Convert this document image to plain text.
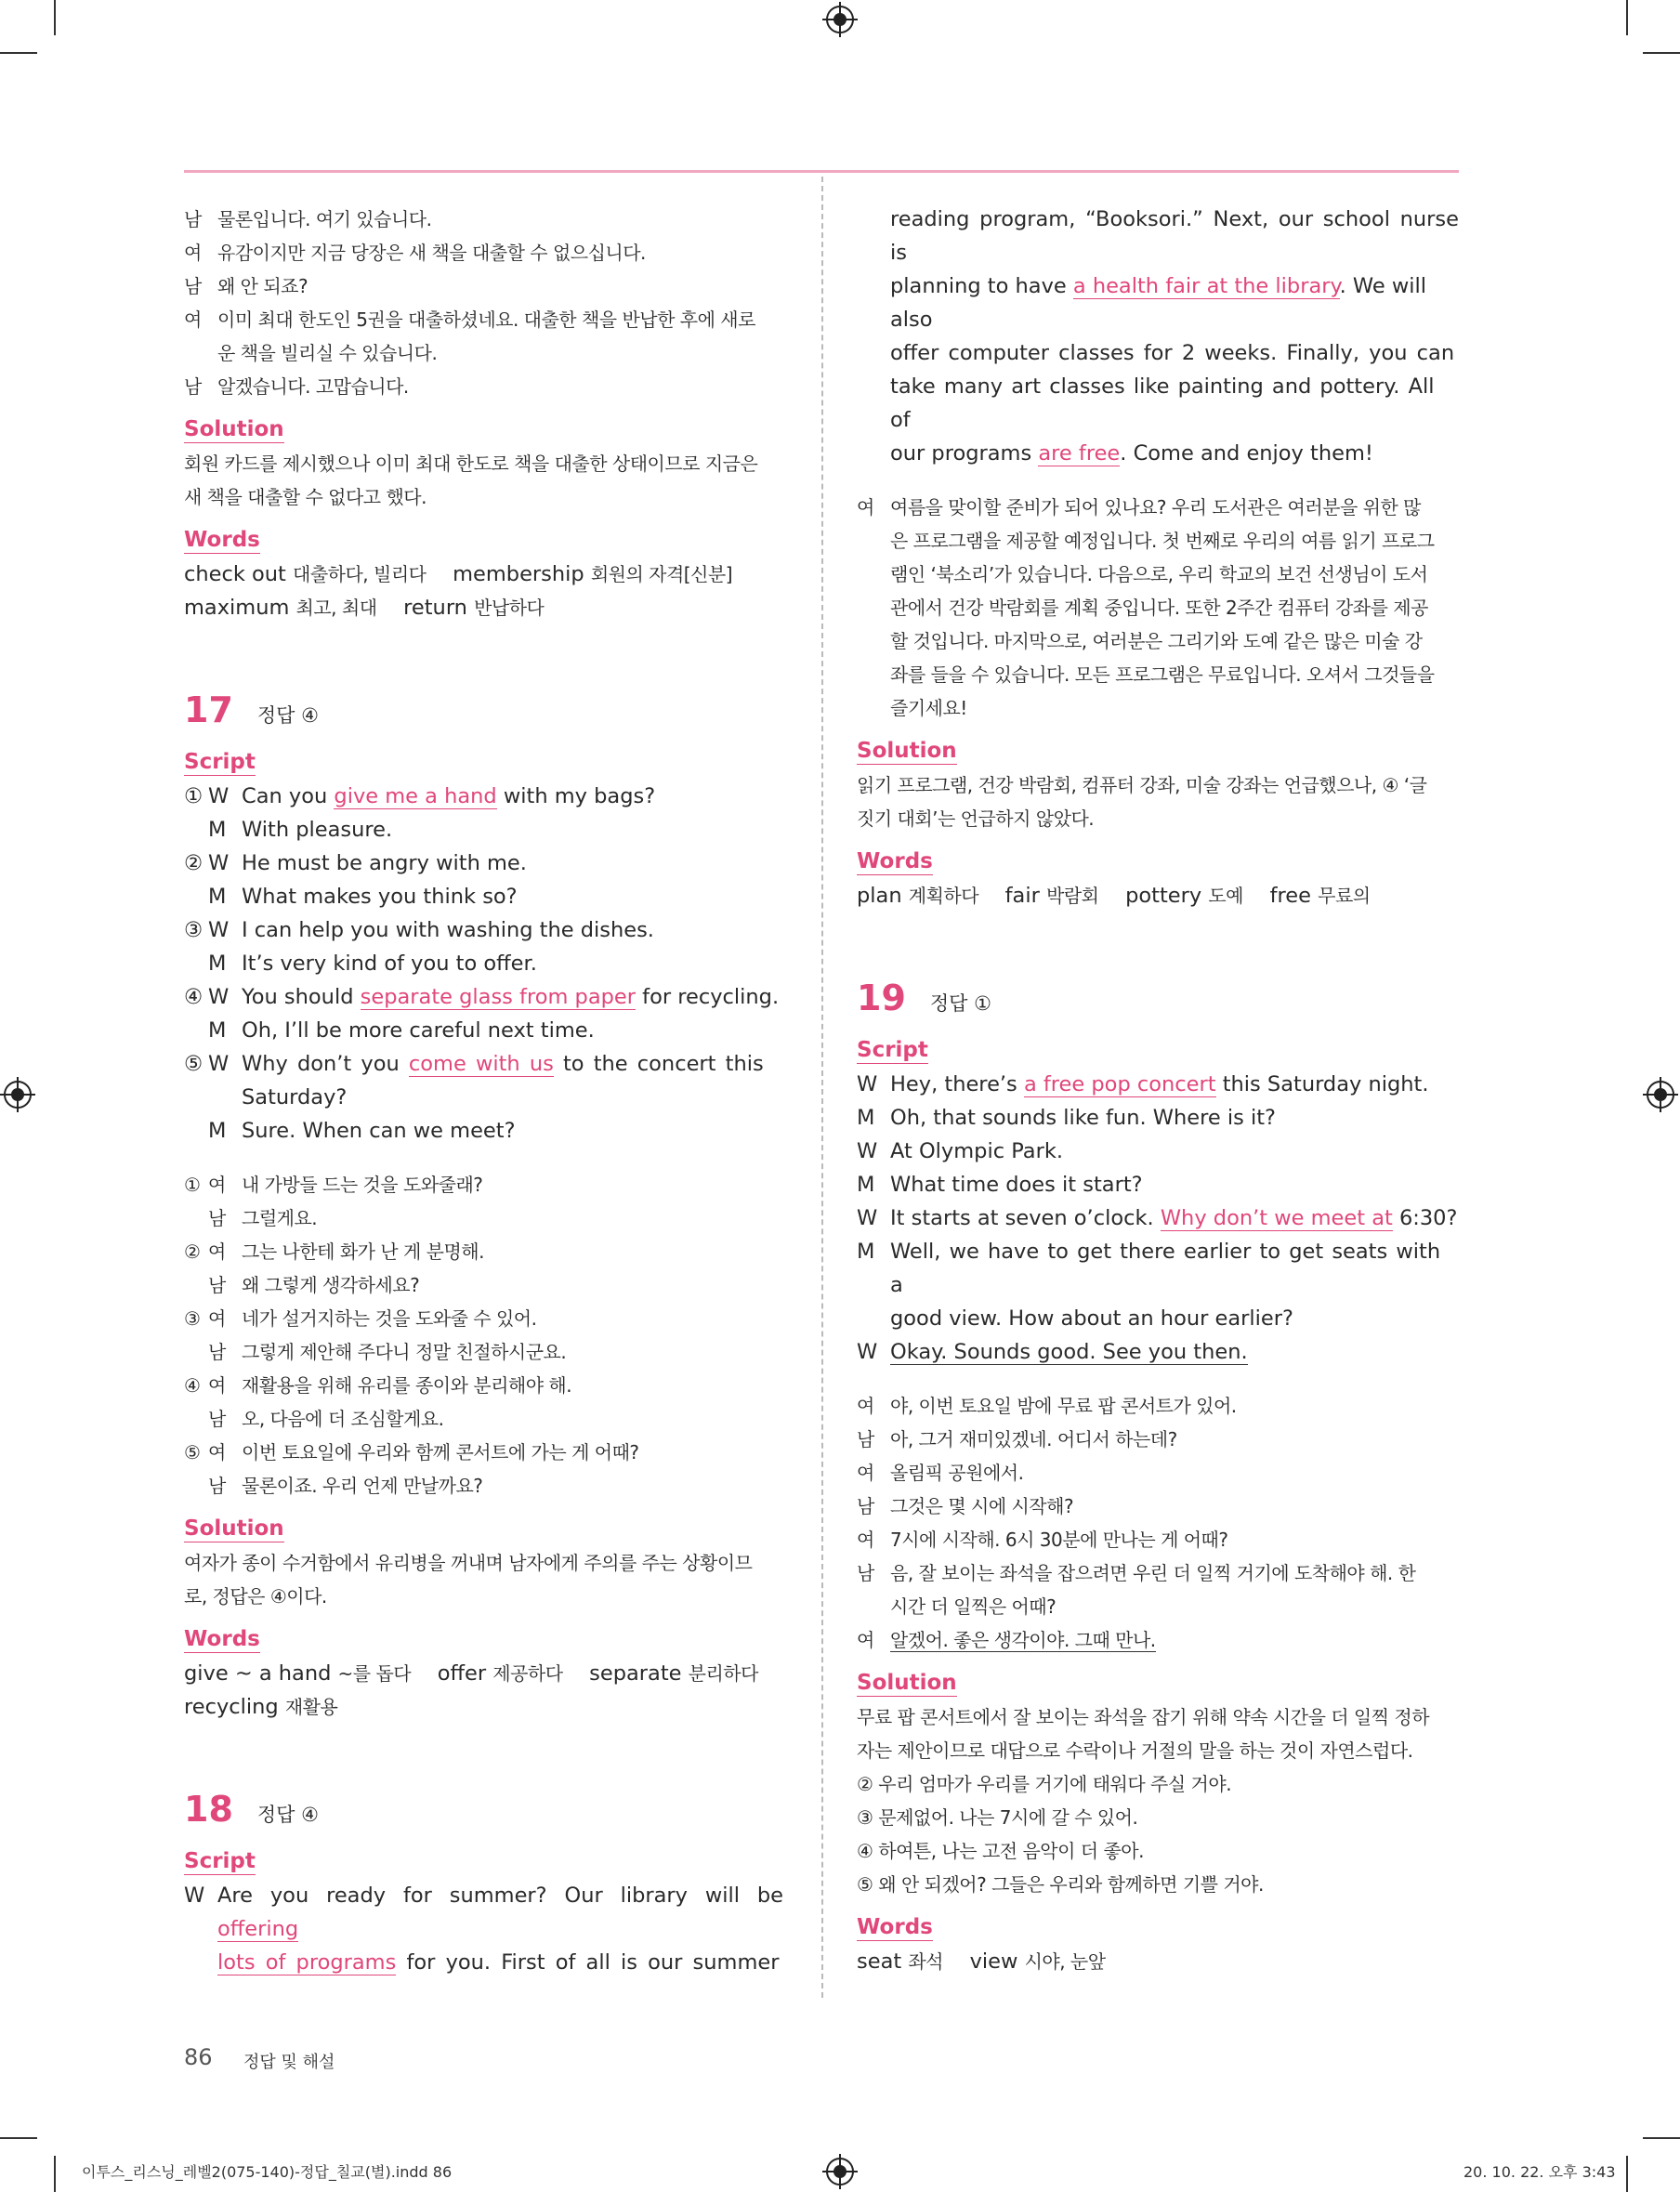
남 물론입니다. 여기 있습니다.
여 유감이지만 지금 당장은 새 책을 대출할 수 없으십니다.
남 왜 안 되죠?
여 이미 최대 한도인 5권을 대출하셨네요. 대출한 책을 반납한 후에 새로
운 책을 빌리실 수 있습니다.
남 알겠습니다. 고맙습니다.
Solution
회원 카드를 제시했으나 이미 최대 한도로 책을 대출한 상태이므로 지금은
새 책을 대출할 수 없다고 했다.
Words
check out 대출하다, 빌리다 membership 회원의 자격[신분]
maximum 최고, 최대 return 반납하다
17 정답 ④
Script
① W Can you give me a hand with my bags?
M With pleasure.
② W He must be angry with me.
M What makes you think so?
③ W I can help you with washing the dishes.
M It’s very kind of you to offer.
④ W You should separate glass from paper for recycling.
M Oh, I’ll be more careful next time.
⑤ W Why don’t you come with us to the concert this
Saturday?
M Sure. When can we meet?
① 여 내 가방들 드는 것을 도와줄래?
남 그럴게요.
② 여 그는 나한테 화가 난 게 분명해.
남 왜 그렇게 생각하세요?
③ 여 네가 설거지하는 것을 도와줄 수 있어.
남 그렇게 제안해 주다니 정말 친절하시군요.
④ 여 재활용을 위해 유리를 종이와 분리해야 해.
남 오, 다음에 더 조심할게요.
⑤ 여 이번 토요일에 우리와 함께 콘서트에 가는 게 어때?
남 물론이죠. 우리 언제 만날까요?
Solution
여자가 종이 수거함에서 유리병을 꺼내며 남자에게 주의를 주는 상황이므
로, 정답은 ④이다.
Words
give ~ a hand ~를 돕다 offer 제공하다 separate 분리하다
recycling 재활용
18 정답 ④
Script
W Are you ready for summer? Our library will be offering
lots of programs for you. First of all is our summer
reading program, “Booksori.” Next, our school nurse is
planning to have a health fair at the library. We will also
offer computer classes for 2 weeks. Finally, you can
take many art classes like painting and pottery. All of
our programs are free. Come and enjoy them!
여 여름을 맞이할 준비가 되어 있나요? 우리 도서관은 여러분을 위한 많
은 프로그램을 제공할 예정입니다. 첫 번째로 우리의 여름 읽기 프로그
램인 ‘북소리’가 있습니다. 다음으로, 우리 학교의 보건 선생님이 도서
관에서 건강 박람회를 계획 중입니다. 또한 2주간 컴퓨터 강좌를 제공
할 것입니다. 마지막으로, 여러분은 그리기와 도예 같은 많은 미술 강
좌를 들을 수 있습니다. 모든 프로그램은 무료입니다. 오셔서 그것들을
즐기세요!
Solution
읽기 프로그램, 건강 박람회, 컴퓨터 강좌, 미술 강좌는 언급했으나, ④ ‘글
짓기 대회’는 언급하지 않았다.
Words
plan 계획하다 fair 박람회 pottery 도예 free 무료의
19 정답 ①
Script
W Hey, there’s a free pop concert this Saturday night.
M Oh, that sounds like fun. Where is it?
W At Olympic Park.
M What time does it start?
W It starts at seven o’clock. Why don’t we meet at 6:30?
M Well, we have to get there earlier to get seats with a
good view. How about an hour earlier?
W Okay. Sounds good. See you then.
여 야, 이번 토요일 밤에 무료 팝 콘서트가 있어.
남 아, 그거 재미있겠네. 어디서 하는데?
여 올림픽 공원에서.
남 그것은 몇 시에 시작해?
여 7시에 시작해. 6시 30분에 만나는 게 어때?
남 음, 잘 보이는 좌석을 잡으려면 우린 더 일찍 거기에 도착해야 해. 한
시간 더 일찍은 어때?
여 알겠어. 좋은 생각이야. 그때 만나.
Solution
무료 팝 콘서트에서 잘 보이는 좌석을 잡기 위해 약속 시간을 더 일찍 정하
자는 제안이므로 대답으로 수락이나 거절의 말을 하는 것이 자연스럽다.
② 우리 엄마가 우리를 거기에 태워다 주실 거야.
③ 문제없어. 나는 7시에 갈 수 있어.
④ 하여튼, 나는 고전 음악이 더 좋아.
⑤ 왜 안 되겠어? 그들은 우리와 함께하면 기쁠 거야.
Words
seat 좌석 view 시야, 눈앞
86 정답 및 해설
이투스_리스닝_레벨2(075-140)-정답_칠교(별).indd 86	20. 10. 22. 오후 3:43
